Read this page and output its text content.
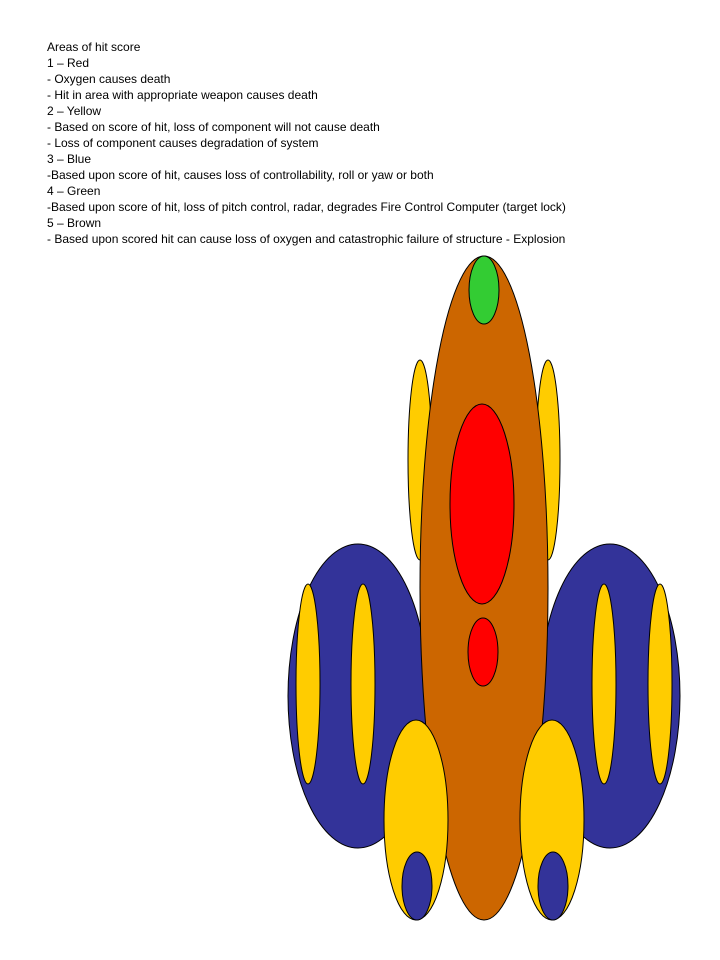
Areas of hit score
1 – Red
- Oxygen causes death
- Hit in area with appropriate weapon causes death
2 – Yellow
- Based on score of hit, loss of component will not cause death
- Loss of component causes degradation of system
3 – Blue
-Based upon score of hit, causes loss of controllability, roll or yaw or both
4 – Green
-Based upon score of hit, loss of pitch control, radar, degrades Fire Control Computer (target lock)
5 – Brown
- Based upon scored hit can cause loss of oxygen and catastrophic failure of structure - Explosion
